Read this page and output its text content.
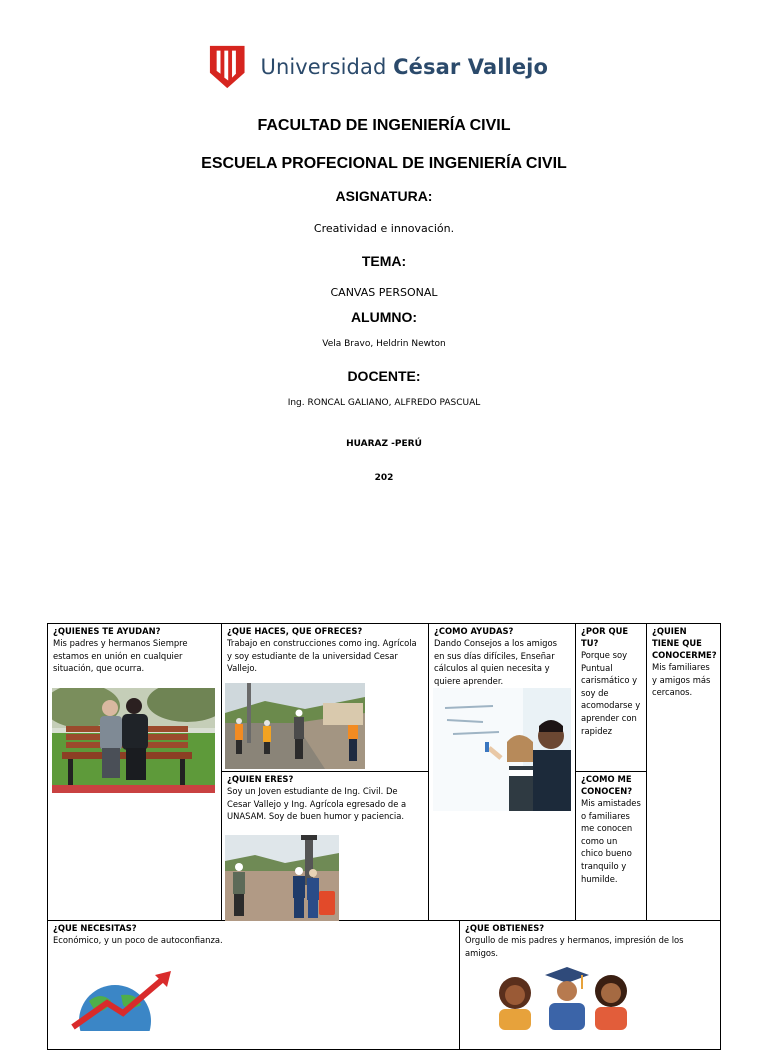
Universidad César Vallejo
FACULTAD DE INGENIERÍA CIVIL
ESCUELA PROFECIONAL DE INGENIERÍA CIVIL
ASIGNATURA:
Creatividad e innovación.
TEMA:
CANVAS PERSONAL
ALUMNO:
Vela Bravo, Heldrin Newton
DOCENTE:
Ing. RONCAL GALIANO, ALFREDO PASCUAL
HUARAZ -PERÚ
202
¿QUIENES TE AYUDAN?
Mis padres y hermanos Siempre estamos en unión en cualquier situación, que ocurra.
¿QUE HACES, QUE OFRECES?
Trabajo en construcciones como ing. Agrícola y soy estudiante de la universidad Cesar Vallejo.
¿QUIEN ERES?
Soy un Joven estudiante de Ing. Civil. De Cesar Vallejo y Ing. Agrícola egresado de a UNASAM. Soy de buen humor y paciencia.
¿COMO AYUDAS?
Dando Consejos a los amigos en sus días difíciles, Enseñar cálculos al quien necesita y quiere aprender.
¿POR QUE TU?
Porque soy Puntual carismático y soy de acomodarse y aprender con rapidez
¿COMO ME CONOCEN?
Mis amistades o familiares me conocen como un chico bueno tranquilo y humilde.
¿QUIEN TIENE QUE CONOCERME?
Mis familiares y amigos más cercanos.
¿QUE NECESITAS?
Económico, y un poco de autoconfianza.
¿QUE OBTIENES?
Orgullo de mis padres y hermanos, impresión de los amigos.
